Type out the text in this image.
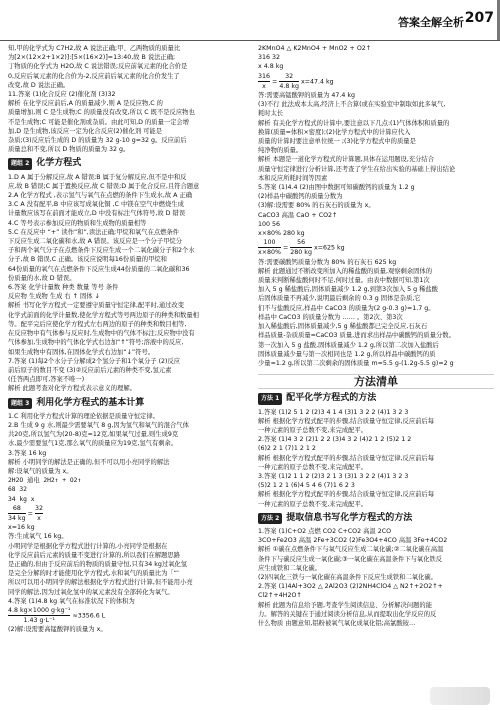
答案全解全析 207

知,甲的化学式为 C7H2,故 A 说法正确;甲、乙两物质的质量比

为[2×(12×2+1×2)]:[5×(16×2)]=13:40,故 B 说法正确;

丁物质的化学式为 H2O,故 C 说法错误;反应前氧元素的化合价是

0,反应后氧元素的化合价为-2,反应前后氧元素的化合价发生了

改变,故 D 说法正确。

11.答案 (1)化合反应 (2)催化剂 (3)32

解析 在化学反应前后,A 的质量减少,则 A 是反应物,C 的

质量增加,则 C 是生成物;C 的质量没有改变,所以 C 既不是反应物也

不是生成物;C 可能是催化剂或杂质。由此可知,D 的质量一定会增

加,D 是生成物,该反应一定为化合反应(2)催化剂 可能是

杂质;(3)反应后生成的 D 的质量为 32 g-10 g=32 g。反应前后

质量总和不变,所以 D 物质的质量为 32 g。

题组 2 化学方程式

1.D A 属于分解反应,故 A 错误;B 属于复分解反应,但不是中和反

应,故 B 错误;C 属于置换反应,故 C 错误;D 属于化合反应,且符合题意

2.A 化学方程式 ,表示氢气与氧气在点燃的条件下生成水,故 A 正确

3.C A 没有配平,B 中应该写成氧化铜 ,C 中镁在空气中燃烧生成

计量数应该写在前面才能成立,D 中没有标注气体符号,故 D 错误

4.C 等号表示参加反应的物质和生成物的质量相等

5.C 在反应中 “+” 读作“和”,读法正确;甲烷和氧气在点燃条件

下反应生成二氧化碳和水,故 A 错误。该反应是一个分子甲烷分

子和两个氧气分子在点燃条件下反应生成一个二氧化碳分子和2个水

分子,故 B 错误,C 正确。该反应说明每16份质量的甲烷和

64份质量的氧气在点燃条件下反应生成44份质量的二氧化碳和36

份质量的水,故 D 错误。

6.答案 化学计量数 种类 数量 等号 条件

反应物 生成物 生成 右 ↑ 固体 ↓

解析 书写化学方程式一定要遵守质量守恒定律,配平时,通过改变

化学式前面的化学计量数,使化学方程式等号两边原子的种类和数量相

等。配平完后应使化学方程式左右两边的原子的种类和数目相等,

在反应物中有气体参与反应时,生成物中的气体不标注;反应物中没有

气体参加,生成物中的气体化学式右边加“↑”符号;溶液中的反应,

如果生成物中有固体,在固体化学式右边加“↓”符号。

7.答案 (1)每2个水分子分解成2个氢分子和1个氧分子 (2)反应

前后原子的数目不变 (3)②反应前后元素的种类不变,氢元素

(任答两点即可,答案不唯一)

解析 此题考查对化学方程式表示意义的理解。

题组 3 利用化学方程式的基本计算

1.C 利用化学方程式计算的理论依据是质量守恒定律。

2.B 生成 9 g 水,则最少需要氧气 8 g,因为氢气和氧气的混合气体

共20克,所以氢气为(20-8)克=12克,如果氧气过量,则生成9克

水,最少需要氢气1克,那么氧气的质量应为19克,氢气有剩余。

3.答案 16 kg

解析 小明同学的解法是正确的,但不可以用小亮同学的解法

解:设氧气的质量为 x。

2H2O 通电 2H2↑ + O2↑

68 32

34 kg x

$\frac{68}{34 kg} = \frac{32}{x}$

x=16 kg

答:生成氧气 16 kg。

小明同学是根据化学方程式进行计算的,小亮同学是根据在

化学反应前后元素的质量不变进行计算的,所以我们在解题思路

是正确的,但由于反应前后的物质的质量守恒,只有34 kg过氧化氢

是完全分解的时才能使用化学方程式,水和氧气的质量比为「“‘

所以可以用小明同学的解法根据化学方程式进行计算,但不能用小亮

同学的解法,因为过氧化氢中的氧元素没有全部转化为氧气。

4.答案 (1)4.8 kg 氧气在标准状况下的体积为

$\frac{\text{4.8 kg×1000 g·kg⁻¹}}{\text{1.43 g·L⁻¹}} \approx 3356.6$ L

(2)解:设需要高锰酸钾的质量为 x。

2KMnO4 △ K2MnO4 + MnO2 + O2↑

316 32

x 4.8 kg

$\frac{316}{x} = \frac{32}{4.8 kg} x=47.4$ kg

答:需要高锰酸钾的质量为 47.4 kg

(3)不行 此法成本太高,经济上不合算(或在实验室中制取如此多氧气,

耗时太长

解析 有关化学方程式的计算中,要注意以下几点:(1)气体体积和质量的

换算(质量=体积×密度);(2)化学方程式中的计算应代入

质量的计算时要注意单位统一 ;(3)化学方程式中的质量是

纯净物的质量。

解析 本题是一道化学方程式的计算题,具体在运用题设,充分结合

质量守恒定律进行分析计算,还考查了学生在给出实验的基础上得出结论

本和反应所耗时间等因素

5.答案 (1)4.4 (2)由图中数据可知碳酸钙的质量为 1.2 g

(2)样品中碳酸钙的质量分数为

(3)解:设需要 80% 的石灰石的质量为 x。

CaCO3 高温 CaO + CO2↑

100 56

x×80% 280 kg

$\frac{100}{x\times 80\%} = \frac{56}{280 kg} x=625$ kg

答:需要碳酸钙质量分数为 80% 的石灰石 625 kg

解析 此题通过不断改变所加入的稀盐酸的质量,观察剩余固体的

质量来判断稀盐酸何时不足,何时过量。由表中数据可知,第1次

加入 5 g 稀盐酸后,固体质量减少 1.2 g,到第3次加入 5 g 稀盐酸

后固体质量不再减少,说明最后剩余的 0.3 g 固体是杂质,它

们不与盐酸反应,样品中 CaCO3 的质量为(2 g-0.3 g)=1.7 g。

样品中 CaCO3 的质量分数为 …… 。第2次、第3次

加入稀盐酸后,固体质量减少,5 g 稀盐酸都已完全反应,石灰石

样品质量-杂质质量=CaCO3 质量,进而求出样品中碳酸钙的质量分数。

第一次加入 5 g 盐酸,固体质量减少 1.2 g,所以第二次加入盐酸后

固体质量减少量与第一次相同也是 1.2 g,所以样品中碳酸钙的质

少量=1.2 g,所以第二次剩余的固体质量 m=5.5 g-(1.2g-5.5 g)=2 g

方法清单
方法 1 配平化学方程式的方法

1.答案 (1)2 5 1 2 (2)3 4 1 4 (3)1 3 2 2 (4)1 3 2 3

解析 根据化学方程式配平的步骤,结合质量守恒定律,反应前后每

一种元素的原子总数不变,来完成配平。

2.答案 (1)4 3 2 (2)1 2 2 (3)4 3 2 (4)2 1 2 (5)2 1 2

(6)2 2 1 (7)1 2 1 2

解析 根据化学方程式配平的步骤,结合质量守恒定律,反应前后每

一种元素的原子总数不变,来完成配平。

3.答案 (1)2 1 1 2 (2)3 2 1 3 (3)1 3 2 2 (4)1 3 2 3

(5)2 1 2 1 (6)4 5 4 6 (7)1 6 2 3

解析 根据化学方程式配平的步骤,结合质量守恒定律,反应前后每

一种元素的原子总数不变,来完成配平。

方法 2 提取信息书写化学方程式的方法

1.答案 (1)C+O2 点燃 CO2 C+CO2 高温 2CO

3CO+Fe2O3 高温 2Fe+3CO2 (2)Fe3O4+4CO 高温 3Fe+4CO2

解析 ①碳在点燃条件下与氧气反应生成二氧化碳;②二氧化碳在高温

条件下与碳反应生成一氧化碳;③一氧化碳在高温条件下与氧化铁反

应生成铁和二氧化碳。

(2)四氧化三铁与一氧化碳在高温条件下反应生成铁和二氧化碳。

2.答案 (1)4Al+3O2 △ 2Al2O3 (2)2NH4ClO4 △ N2↑+2O2↑+

Cl2↑+4H2O↑

解析 此题为信息给予题,考查学生阅读信息、分析解决问题的能

力。解答的关键在于通过阅读分析信息,从而提取出化学反应的反

什么物质 由题意知,铝粉被氧气氧化成氧化铝;高氯酸铵…
